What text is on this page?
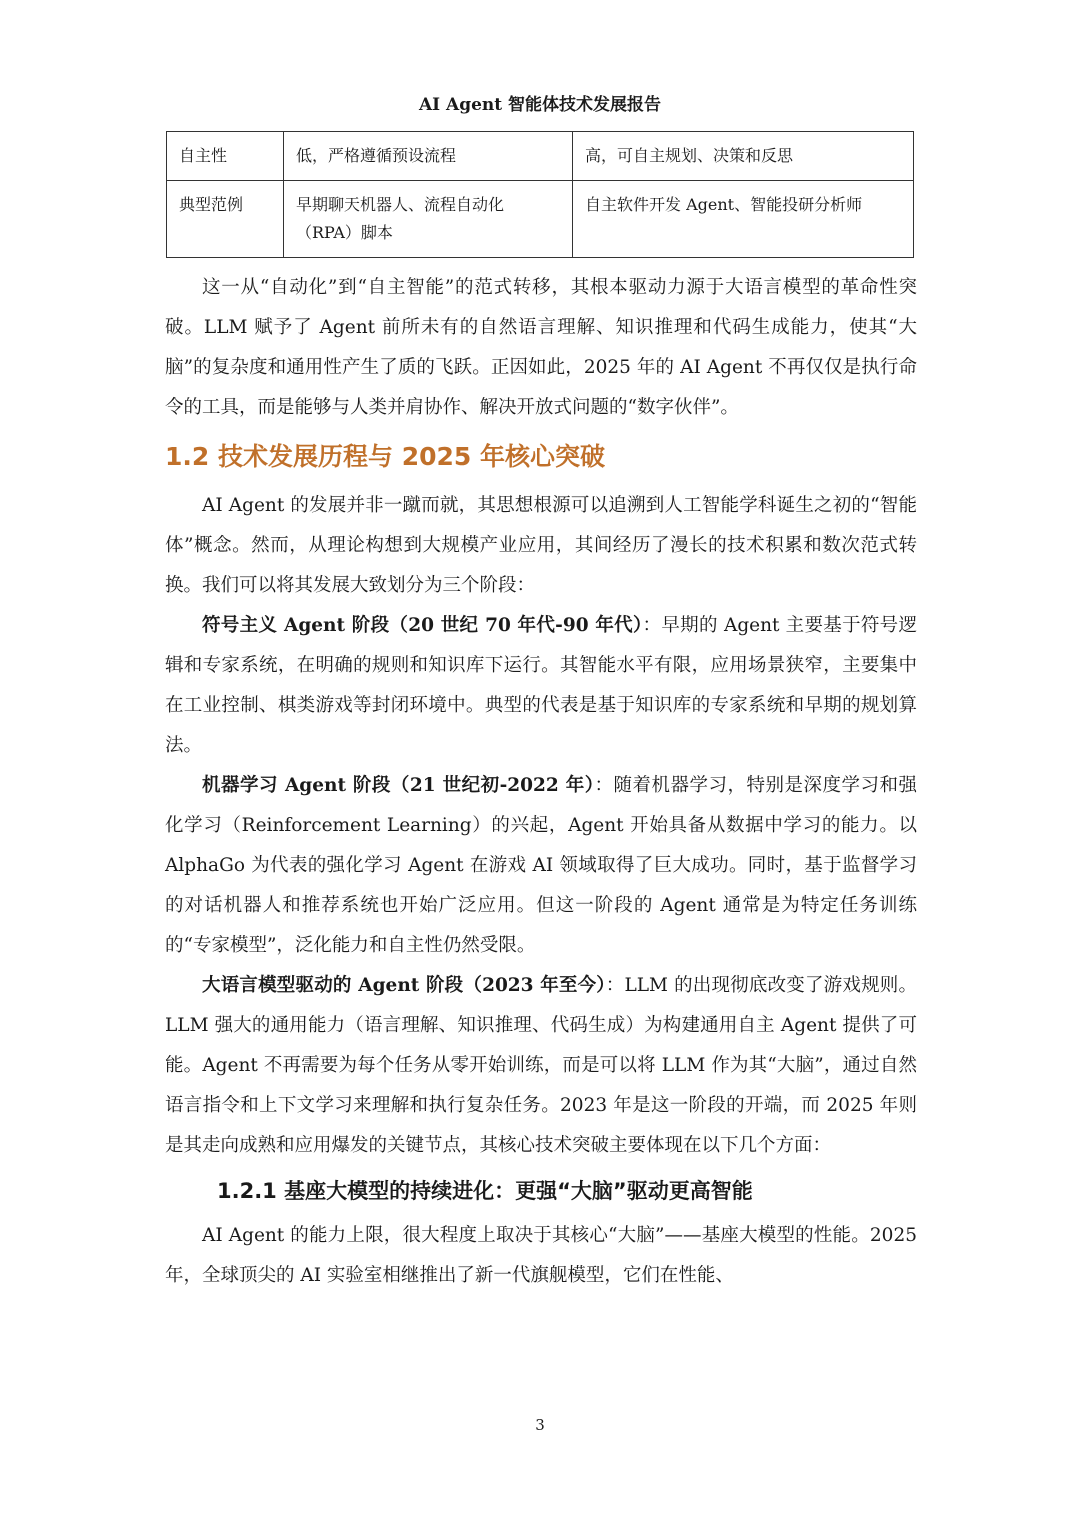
AI Agent 智能体技术发展报告
自主性	低，严格遵循预设流程	高，可自主规划、决策和反思
典型范例	早期聊天机器人、流程自动化（RPA）脚本	自主软件开发 Agent、智能投研分析师

这一从“自动化”到“自主智能”的范式转移，其根本驱动力源于大语言模型的革命性突破。LLM 赋予了 Agent 前所未有的自然语言理解、知识推理和代码生成能力，使其“大脑”的复杂度和通用性产生了质的飞跃。正因如此，2025 年的 AI Agent 不再仅仅是执行命令的工具，而是能够与人类并肩协作、解决开放式问题的“数字伙伴”。

1.2 技术发展历程与 2025 年核心突破

AI Agent 的发展并非一蹴而就，其思想根源可以追溯到人工智能学科诞生之初的“智能体”概念。然而，从理论构想到大规模产业应用，其间经历了漫长的技术积累和数次范式转换。我们可以将其发展大致划分为三个阶段：

符号主义 Agent 阶段（20 世纪 70 年代-90 年代）：早期的 Agent 主要基于符号逻辑和专家系统，在明确的规则和知识库下运行。其智能水平有限，应用场景狭窄，主要集中在工业控制、棋类游戏等封闭环境中。典型的代表是基于知识库的专家系统和早期的规划算法。

机器学习 Agent 阶段（21 世纪初-2022 年）：随着机器学习，特别是深度学习和强化学习（Reinforcement Learning）的兴起，Agent 开始具备从数据中学习的能力。以 AlphaGo 为代表的强化学习 Agent 在游戏 AI 领域取得了巨大成功。同时，基于监督学习的对话机器人和推荐系统也开始广泛应用。但这一阶段的 Agent 通常是为特定任务训练的“专家模型”，泛化能力和自主性仍然受限。

大语言模型驱动的 Agent 阶段（2023 年至今）：LLM 的出现彻底改变了游戏规则。LLM 强大的通用能力（语言理解、知识推理、代码生成）为构建通用自主 Agent 提供了可能。Agent 不再需要为每个任务从零开始训练，而是可以将 LLM 作为其“大脑”，通过自然语言指令和上下文学习来理解和执行复杂任务。2023 年是这一阶段的开端，而 2025 年则是其走向成熟和应用爆发的关键节点，其核心技术突破主要体现在以下几个方面：

1.2.1 基座大模型的持续进化：更强“大脑”驱动更高智能

AI Agent 的能力上限，很大程度上取决于其核心“大脑”——基座大模型的性能。2025 年，全球顶尖的 AI 实验室相继推出了新一代旗舰模型，它们在性能、

3
